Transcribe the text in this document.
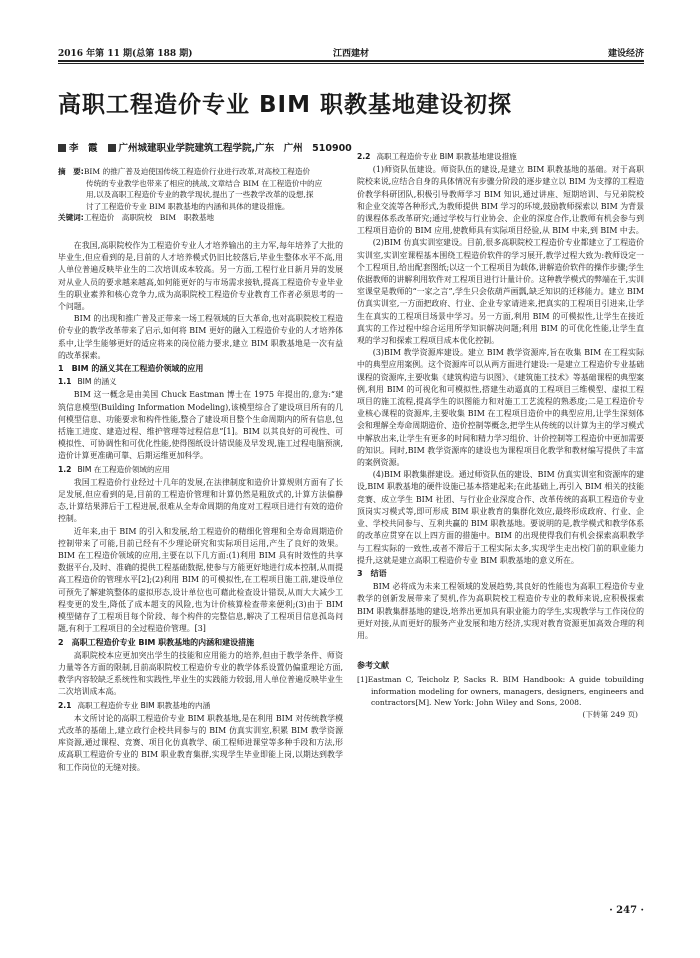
2016 年第 11 期(总第 188 期)	江西建材	建设经济
高职工程造价专业 BIM 职教基地建设初探
李　霞 广州城建职业学院建筑工程学院,广东　广州　510900
摘　要:BIM 的推广普及迫使国传统工程造价行业进行改革,对高校工程造价
传统的专业教学也带来了相应的挑战,文章结合 BIM 在工程造价中的应
用,以及高职工程造价专业的教学现状,提出了一些教学改革的设想,探
讨了工程造价专业 BIM 职教基地的内涵和具体的建设措施。
关键词:工程造价　高职院校　BIM　职教基地

在我国,高职院校作为工程造价专业人才培养输出的主力军,每年培养了大批的毕业生,但应看到的是,目前的人才培养模式仍旧比较落后,毕业生整体水平不高,用人单位普遍反映毕业生的二次培训成本较高。另一方面,工程行业日新月异的发展对从业人员的要求越来越高,如何能更好的与市场需求接轨,提高工程造价专业毕业生的职业素养和核心竞争力,成为高职院校工程造价专业教育工作者必须思考的一个问题。

BIM 的出现和推广普及正带来一场工程领域的巨大革命,也对高职院校工程造价专业的教学改革带来了启示,如何将 BIM 更好的融入工程造价专业的人才培养体系中,让学生能够更好的适应将来的岗位能力要求,建立 BIM 职教基地是一次有益的改革探索。

1　BIM 的涵义其在工程造价领域的应用
1.1 BIM 的涵义

BIM 这一概念是由美国 Chuck Eastman 博士在 1975 年提出的,意为:“建筑信息模型(Building Information Modeling),该模型综合了建设项目所有的几何模型信息、功能要求和构件性能,整合了建设项目整个生命周期内的所有信息,包括施工进度、建造过程、维护管理等过程信息”[1]。BIM 以其良好的可视性、可模拟性、可协调性和可优化性能,使得图纸设计错误能及早发现,施工过程电脑预演,造价计算更准确可靠、后期运维更加科学。

1.2 BIM 在工程造价领域的应用

我国工程造价行业经过十几年的发展,在法律制度和造价计算规则方面有了长足发展,但应看到的是,目前的工程造价管理和计算仍然是粗放式的,计算方法偏静态,计算结果滞后于工程进展,很难从全寿命周期的角度对工程项目进行有效的造价控制。

近年来,由于 BIM 的引入和发展,给工程造价的精细化管理和全寿命周期造价控制带来了可能,目前已经有不少理论研究和实际项目运用,产生了良好的效果。BIM 在工程造价领域的应用,主要在以下几方面:(1)利用 BIM 具有时效性的共享数据平台,及时、准确的提供工程基础数据,使参与方能更好地进行成本控制,从而提高工程造价的管理水平[2];(2)利用 BIM 的可模拟性,在工程项目施工前,建设单位可预先了解建筑整体的虚拟形态,设计单位也可藉此检查设计错误,从而大大减少工程变更的发生,降低了成本超支的风险,也为计价核算检查带来便利;(3)由于 BIM 模型储存了工程项目每个阶段、每个构件的完整信息,解决了工程项目信息孤岛问题,有利于工程项目的全过程造价管理。[3]

2　高职工程造价专业 BIM 职教基地的内涵和建设措施

高职院校本应更加突出学生的技能和应用能力的培养,但由于教学条件、师资力量等各方面的限制,目前高职院校工程造价专业的教学体系设置仍偏重理论方面,教学内容较缺乏系统性和实践性,毕业生的实践能力较弱,用人单位普遍反映毕业生二次培训成本高。

2.1 高职工程造价专业 BIM 职教基地的内涵

本文所讨论的高职工程造价专业 BIM 职教基地,是在利用 BIM 对传统教学模式改革的基础上,建立政行企校共同参与的 BIM 仿真实训室,积累 BIM 教学资源库资源,通过课程、竞赛、项目化仿真教学、硕工程师进课堂等多种手段和方法,形成高职工程造价专业的 BIM 职业教育集群,实现学生毕业即能上岗,以期达到教学和工作岗位的无缝对接。

2.2 高职工程造价专业 BIM 职教基地建设措施

(1)师资队伍建设。师资队伍的建设,是建立 BIM 职教基地的基础。对于高职院校来说,应结合自身的具体情况有步骤分阶段的逐步建立以 BIM 为支撑的工程造价教学科研团队,积极引导教师学习 BIM 知识,通过讲座、短期培训、与兄弟院校和企业交流等各种形式,为教师提供 BIM 学习的环境,鼓励教师探索以 BIM 为背景的课程体系改革研究;通过学校与行业协会、企业的深度合作,让教师有机会参与到工程项目造价的 BIM 应用,使教师具有实际项目经验,从 BIM 中来,到 BIM 中去。

(2)BIM 仿真实训室建设。目前,很多高职院校工程造价专业都建立了工程造价实训室,实训室课程基本围绕工程造价软件的学习展开,教学过程大致为:教师设定一个工程项目,给出配套图纸;以这一个工程项目为载体,讲解造价软件的操作步骤;学生依据教师的讲解利用软件对工程项目进行计量计价。这种教学模式的弊端在于,实训室课堂是教师的“一家之言”,学生只会依葫芦画瓢,缺乏知识的迁移能力。建立 BIM 仿真实训室,一方面把政府、行业、企业专家请进来,把真实的工程项目引进来,让学生在真实的工程项目场景中学习。另一方面,利用 BIM 的可模拟性,让学生在接近真实的工作过程中综合运用所学知识解决问题;利用 BIM 的可优化性能,让学生直观的学习和探索工程项目成本优化控制。

(3)BIM 教学资源库建设。建立 BIM 教学资源库,旨在收集 BIM 在工程实际中的典型应用案例。这个资源库可以从两方面进行建设:一是建立工程造价专业基础课程的资源库,主要收集《建筑构造与识图》、《建筑施工技术》等基础课程的典型案例,利用 BIM 的可视化和可模拟性,搭建生动逼真的工程项目三维模型、虚拟工程项目的施工流程,提高学生的识图能力和对施工工艺流程的熟悉度;二是工程造价专业核心课程的资源库,主要收集 BIM 在工程项目造价中的典型应用,让学生深刻体会和理解全寿命周期造价、造价控制等概念,把学生从传统的以计算为主的学习模式中解放出来,让学生有更多的时间和精力学习组价、计价控制等工程造价中更加需要的知识。同时,BIM 教学资源库的建设也为课程项目化教学和教材编写提供了丰富的案例资源。

(4)BIM 职教集群建设。通过师资队伍的建设、BIM 仿真实训室和资源库的建设,BIM 职教基地的硬件设施已基本搭建起来;在此基础上,再引入 BIM 相关的技能竞赛、成立学生 BIM 社团、与行业企业深度合作、改革传统的高职工程造价专业顶岗实习模式等,即可形成 BIM 职业教育的集群化效应,最终形成政府、行业、企业、学校共同参与、互利共赢的 BIM 职教基地。要说明的是,教学模式和教学体系的改革应贯穿在以上四方面的措施中。BIM 的出现使得我们有机会探索高职教学与工程实际的一致性,或者不滞后于工程实际太多,实现学生走出校门前的职业能力提升,这就是建立高职工程造价专业 BIM 职教基地的意义所在。

3　结语

BIM 必将成为未来工程领域的发展趋势,其良好的性能也为高职工程造价专业教学的创新发展带来了契机,作为高职院校工程造价专业的教师来说,应积极探索 BIM 职教集群基地的建设,培养出更加具有职业能力的学生,实现教学与工作岗位的更好对接,从而更好的服务产业发展和地方经济,实现对教育资源更加高效合理的利用。

参考文献
[1]Eastman C, Teicholz P, Sacks R. BIM Handbook: A guide tobuilding information modeling for owners, managers, designers, engineers and contractors[M]. New York: John Wiley and Sons, 2008.
(下转第 249 页)
· 247 ·
